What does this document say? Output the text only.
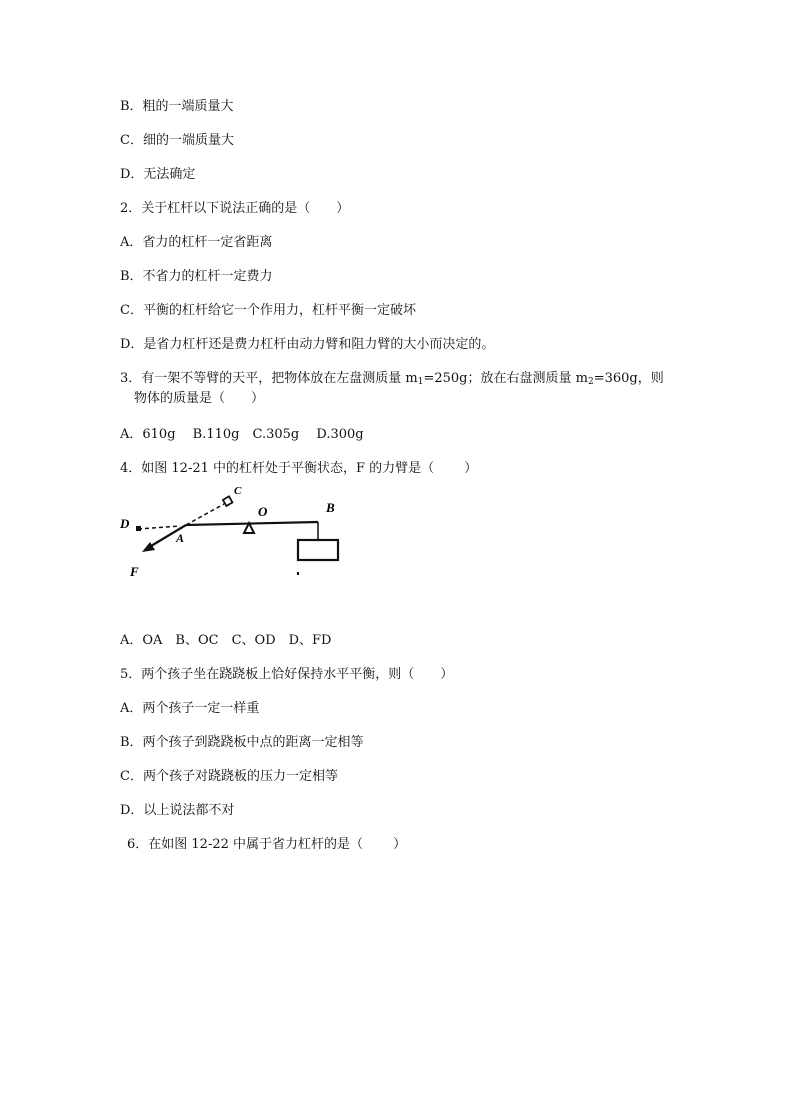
B．粗的一端质量大
C．细的一端质量大
D．无法确定
2．关于杠杆以下说法正确的是（　　）
A．省力的杠杆一定省距离
B．不省力的杠杆一定费力
C．平衡的杠杆给它一个作用力，杠杆平衡一定破坏
D．是省力杠杆还是费力杠杆由动力臂和阻力臂的大小而决定的。
3．有一架不等臂的天平，把物体放在左盘测质量 $m_1=250g$；放在右盘测质量 $m_2=360g$，则
物体的质量是（　　）
A．610g　 B.110g　C.305g　 D.300g
4．如图 12-21 中的杠杆处于平衡状态，F 的力臂是（　　 ）
D
A
C
O	B
F
A．OA　B、OC　C、OD　D、FD
5．两个孩子坐在跷跷板上恰好保持水平平衡，则（　　）
A．两个孩子一定一样重
B．两个孩子到跷跷板中点的距离一定相等
C．两个孩子对跷跷板的压力一定相等
D．以上说法都不对
6．在如图 12-22 中属于省力杠杆的是（　　 ）
